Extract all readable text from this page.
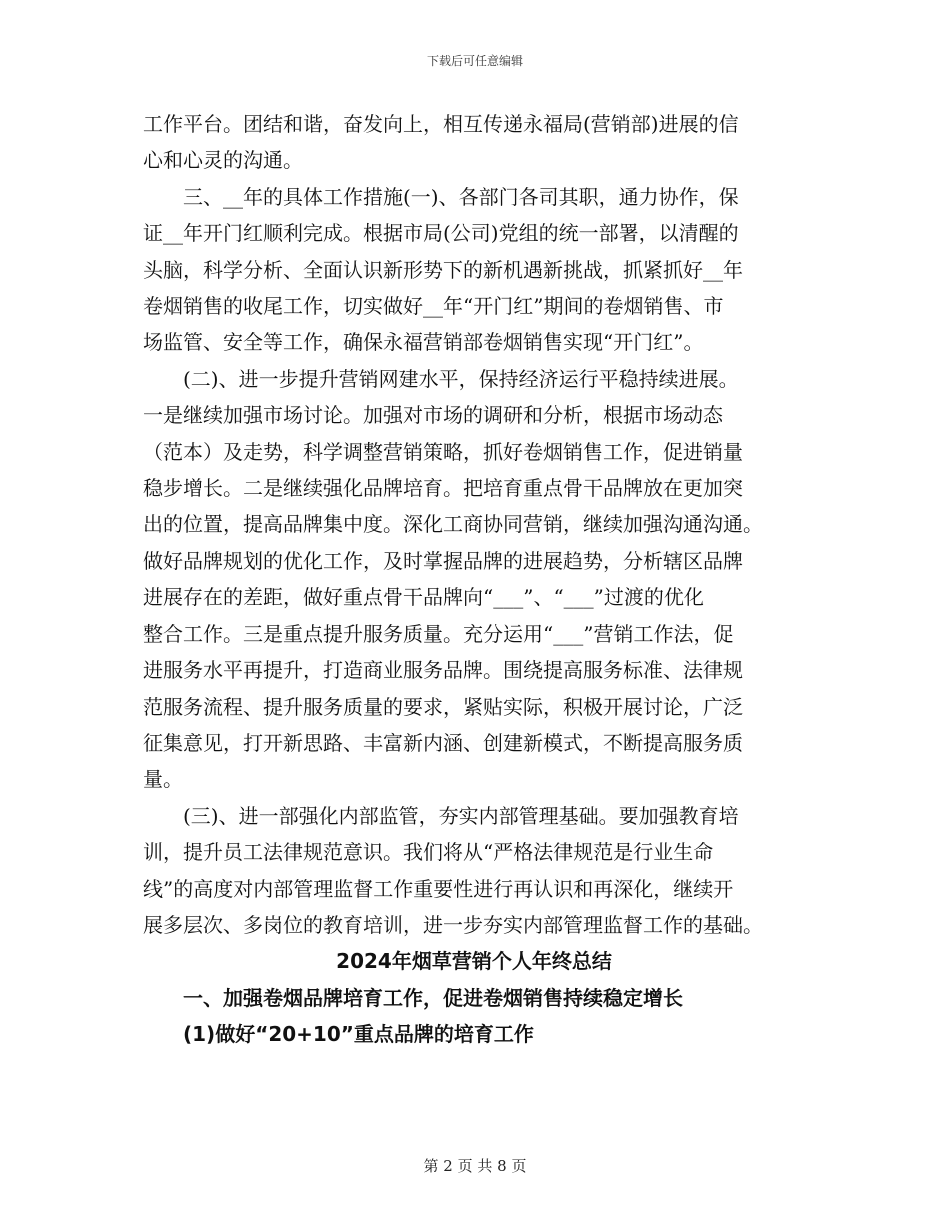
下载后可任意编辑

工作平台。团结和谐，奋发向上，相互传递永福局(营销部)进展的信

心和心灵的沟通。

　　三、__年的具体工作措施(一)、各部门各司其职，通力协作，保

证__年开门红顺利完成。根据市局(公司)党组的统一部署，以清醒的

头脑，科学分析、全面认识新形势下的新机遇新挑战，抓紧抓好__年

卷烟销售的收尾工作，切实做好__年“开门红”期间的卷烟销售、市

场监管、安全等工作，确保永福营销部卷烟销售实现“开门红”。

　　(二)、进一步提升营销网建水平，保持经济运行平稳持续进展。

一是继续加强市场讨论。加强对市场的调研和分析，根据市场动态

（范本）及走势，科学调整营销策略，抓好卷烟销售工作，促进销量

稳步增长。二是继续强化品牌培育。把培育重点骨干品牌放在更加突

出的位置，提高品牌集中度。深化工商协同营销，继续加强沟通沟通。

做好品牌规划的优化工作，及时掌握品牌的进展趋势，分析辖区品牌

进展存在的差距，做好重点骨干品牌向“___”、“___”过渡的优化

整合工作。三是重点提升服务质量。充分运用“___”营销工作法，促

进服务水平再提升，打造商业服务品牌。围绕提高服务标准、法律规

范服务流程、提升服务质量的要求，紧贴实际，积极开展讨论，广泛

征集意见，打开新思路、丰富新内涵、创建新模式，不断提高服务质

量。

　　(三)、进一部强化内部监管，夯实内部管理基础。要加强教育培

训，提升员工法律规范意识。我们将从“严格法律规范是行业生命

线”的高度对内部管理监督工作重要性进行再认识和再深化，继续开

展多层次、多岗位的教育培训，进一步夯实内部管理监督工作的基础。

2024年烟草营销个人年终总结

　　一、加强卷烟品牌培育工作，促进卷烟销售持续稳定增长

　　(1)做好“20+10”重点品牌的培育工作

第 2 页 共 8 页
